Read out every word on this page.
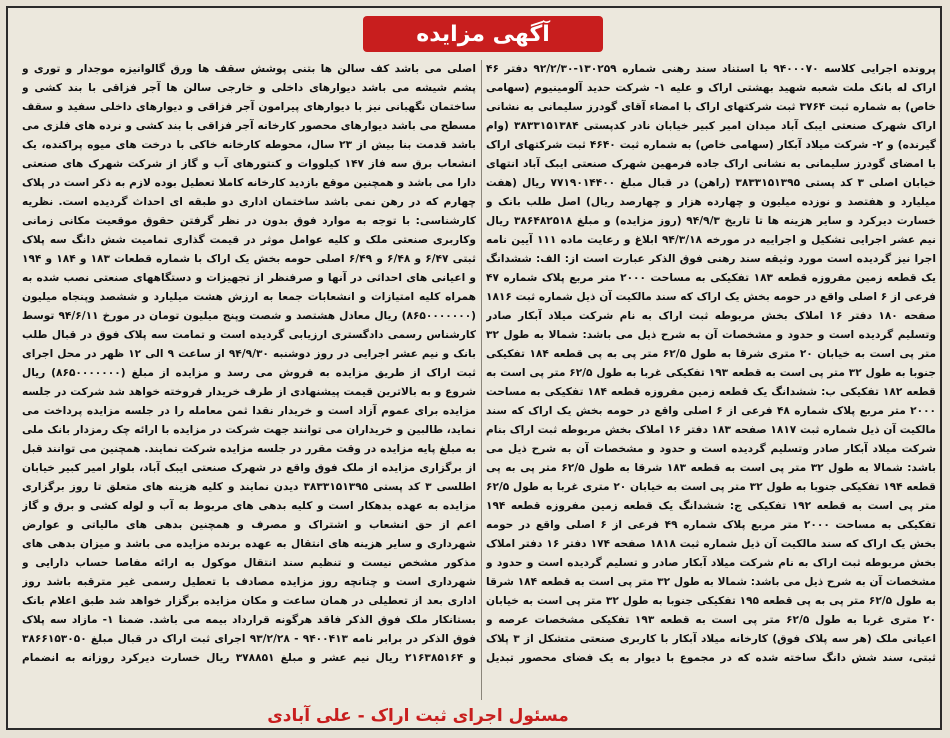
آگهی مزایده

پرونده اجرایی کلاسه ۹۴۰۰۰۷۰ با استناد سند رهنی شماره ۱۳۰۲۵۹-۹۲/۲/۳۰ دفتر ۴۶ اراک له بانک ملت شعبه شهید بهشتی اراک و علیه ۱- شرکت حدید آلومینیوم (سهامی خاص) به شماره ثبت ۳۷۶۴ ثبت شرکتهای اراک با امضاء آقای گودرز سلیمانی به نشانی اراک شهرک صنعتی ایبک آباد میدان امیر کبیر خیابان نادر کدپستی ۳۸۳۳۱۵۱۳۸۴ (وام گیرنده) و ۲- شرکت میلاد آبکار (سهامی خاص) به شماره ثبت ۴۶۴۰ ثبت شرکتهای اراک با امضای گودرز سلیمانی به نشانی اراک جاده فرمهین شهرک صنعتی ایبک آباد انتهای خیابان اصلی ۳ کد پستی ۳۸۳۳۱۵۱۳۹۵ (راهن) در قبال مبلغ ۷۷۱۹۰۱۴۴۰۰ ریال (هفت میلیارد و هفتصد و نوزده میلیون و چهارده هزار و چهارصد ریال) اصل طلب بانک و خسارت دیرکرد و سایر هزینه ها تا تاریخ ۹۴/۹/۳ (روز مزایده) و مبلغ ۳۸۶۴۸۲۵۱۸ ریال نیم عشر اجرایی تشکیل و اجراییه در مورخه ۹۴/۳/۱۸ ابلاغ و رعایت ماده ۱۱۱ آیین نامه اجرا نیز گردیده است مورد وثیقه سند رهنی فوق الذکر عبارت است از: الف: ششدانگ یک قطعه زمین مفروزه قطعه ۱۸۳ تفکیکی به مساحت ۲۰۰۰ متر مربع پلاک شماره ۴۷ فرعی از ۶ اصلی واقع در حومه بخش یک اراک که سند مالکیت آن ذیل شماره ثبت ۱۸۱۶ صفحه ۱۸۰ دفتر ۱۶ املاک بخش مربوطه ثبت اراک به نام شرکت میلاد آبکار صادر وتسلیم گردیده است و حدود و مشخصات آن به شرح ذیل می باشد: شمالا به طول ۳۲ متر پی است به خیابان ۲۰ متری شرقا به طول ۶۲/۵ متر پی به پی قطعه ۱۸۴ تفکیکی جنوبا به طول ۳۲ متر پی است به قطعه ۱۹۳ تفکیکی غربا به طول ۶۲/۵ متر پی است به قطعه ۱۸۲ تفکیکی ب: ششدانگ یک قطعه زمین مفروزه قطعه ۱۸۴ تفکیکی به مساحت ۲۰۰۰ متر مربع پلاک شماره ۴۸ فرعی از ۶ اصلی واقع در حومه بخش یک اراک که سند مالکیت آن ذیل شماره ثبت ۱۸۱۷ صفحه ۱۸۳ دفتر ۱۶ املاک بخش مربوطه ثبت اراک بنام شرکت میلاد آبکار صادر وتسلیم گردیده است و حدود و مشخصات آن به شرح ذیل می باشد: شمالا به طول ۳۲ متر پی است به قطعه ۱۸۳ شرقا به طول ۶۲/۵ متر پی به پی قطعه ۱۹۴ تفکیکی جنوبا به طول ۳۲ متر پی است به خیابان ۲۰ متری غربا به طول ۶۲/۵ متر پی است به قطعه ۱۹۲ تفکیکی ج: ششدانگ یک قطعه زمین مفروزه قطعه ۱۹۴ تفکیکی به مساحت ۲۰۰۰ متر مربع پلاک شماره ۴۹ فرعی از ۶ اصلی واقع در حومه بخش یک اراک که سند مالکیت آن ذیل شماره ثبت ۱۸۱۸ صفحه ۱۷۴ دفتر ۱۶ دفتر املاک بخش مربوطه ثبت اراک به نام شرکت میلاد آبکار صادر و تسلیم گردیده است و حدود و مشخصات آن به شرح ذیل می باشد: شمالا به طول ۳۲ متر پی است به قطعه ۱۸۴ شرقا به طول ۶۲/۵ متر پی به پی قطعه ۱۹۵ تفکیکی جنوبا به طول ۳۲ متر پی است به خیابان ۲۰ متری غربا به طول ۶۲/۵ متر پی است به قطعه ۱۹۳ تفکیکی مشخصات عرصه و اعیانی ملک (هر سه پلاک فوق) کارخانه میلاد آبکار با کاربری صنعتی متشکل از ۳ پلاک ثبتی، سند شش دانگ ساخته شده که در مجموع با دیوار به یک فضای محصور تبدیل

اصلی می باشد کف سالن ها بتنی پوشش سقف ها ورق گالوانیزه موجدار و توری و پشم شیشه می باشد دیوارهای داخلی و خارجی سالن ها آجر فزاقی با بند کشی و ساختمان نگهبانی نیز با دیوارهای پیرامون آجر فزاقی و دیوارهای داخلی سفید و سقف مسطح می باشد دیوارهای محصور کارخانه آجر فزاقی با بند کشی و نرده های فلزی می باشد قدمت بنا بیش از ۲۳ سال، محوطه کارخانه خاکی با درخت های میوه پراکنده، یک انشعاب برق سه فاز ۱۴۷ کیلووات و کنتورهای آب و گاز از شرکت شهرک های صنعتی دارا می باشد و همچنین موقع بازدید کارخانه کاملا تعطیل بوده لازم به ذکر است در پلاک چهارم که در رهن نمی باشد ساختمان اداری دو طبقه ای احداث گردیده است. نظریه کارشناسی: با توجه به موارد فوق بدون در نظر گرفتن حقوق موقعیت مکانی زمانی وکاربری صنعتی ملک و کلیه عوامل موثر در قیمت گذاری تمامیت شش دانگ سه پلاک ثبتی ۶/۴۷ و ۶/۴۸ و ۶/۴۹ اصلی حومه بخش یک اراک با شماره قطعات ۱۸۳ و ۱۸۴ و ۱۹۴ و اعیانی های احداثی در آنها و صرفنظر از تجهیزات و دستگاههای صنعتی نصب شده به همراه کلیه امتیازات و انشعابات جمعا به ارزش هشت میلیارد و ششصد وپنجاه میلیون (۸۶۵۰۰۰۰۰۰۰) ریال معادل هشتصد و شصت وپنج میلیون تومان در مورخ ۹۴/۶/۱۱ توسط کارشناس رسمی دادگستری ارزیابی گردیده است و تمامت سه پلاک فوق در قبال طلب بانک و نیم عشر اجرایی در روز دوشنبه ۹۴/۹/۳۰ از ساعت ۹ الی ۱۲ ظهر در محل اجرای ثبت اراک از طریق مزایده به فروش می رسد و مزایده از مبلغ (۸۶۵۰۰۰۰۰۰۰) ریال شروع و به بالاترین قیمت پیشنهادی از طرف خریدار فروخته خواهد شد شرکت در جلسه مزایده برای عموم آزاد است و خریدار نقدا ثمن معامله را در جلسه مزایده پرداخت می نماید، طالبین و خریداران می توانند جهت شرکت در مزایده با ارائه چک رمزدار بانک ملی به مبلغ پایه مزایده در وقت مقرر در جلسه مزایده شرکت نمایند. همچنین می توانند قبل از برگزاری مزایده از ملک فوق واقع در شهرک صنعتی ایبک آباد، بلوار امیر کبیر خیابان اطلسی ۳ کد پستی ۳۸۳۳۱۵۱۳۹۵ دیدن نمایند و کلیه هزینه های متعلق تا روز برگزاری مزایده به عهده بدهکار است و کلیه بدهی های مربوط به آب و لوله کشی و برق و گاز اعم از حق انشعاب و اشتراک و مصرف و همچنین بدهی های مالیاتی و عوارض شهرداری و سایر هزینه های انتقال به عهده برنده مزایده می باشد و میزان بدهی های مذکور مشخص نیست و تنظیم سند انتقال موکول به ارائه مفاصا حساب دارایی و شهرداری است و چنانچه روز مزایده مصادف با تعطیل رسمی غیر مترقبه باشد روز اداری بعد از تعطیلی در همان ساعت و مکان مزایده برگزار خواهد شد طبق اعلام بانک بستانکار ملک فوق الذکر فاقد هرگونه قرارداد بیمه می باشد. ضمنا ۱- مازاد سه پلاک فوق الذکر در برابر نامه ۹۴۰۰۴۱۳ - ۹۳/۲/۲۸ اجرای ثبت اراک در قبال مبلغ ۳۸۶۶۱۵۳۰۵۰ و ۲۱۶۳۸۵۱۶۴ ریال نیم عشر و مبلغ ۳۷۸۸۵۱ ریال خسارت دیرکرد روزانه به انضمام

مسئول اجرای ثبت اراک - علی آبادی
